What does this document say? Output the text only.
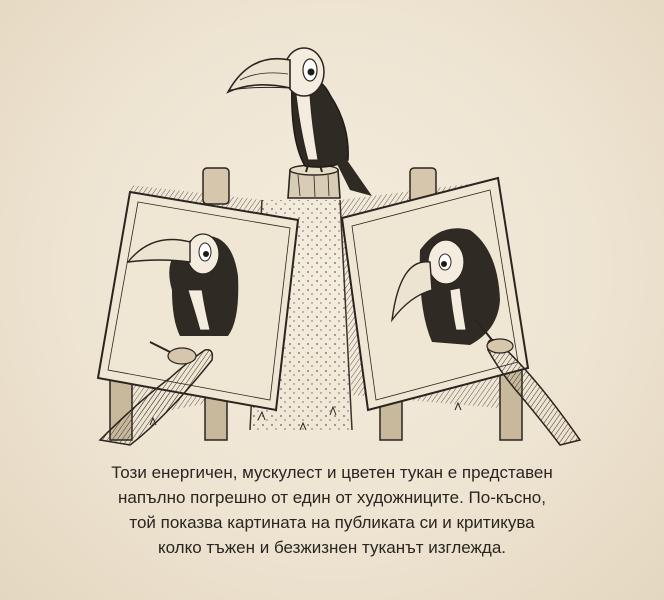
Този енергичен, мускулест и цветен тукан е представен
напълно погрешно от един от художниците. По-късно,
той показва картината на публиката си и критикува
колко тъжен и безжизнен туканът изглежда.
